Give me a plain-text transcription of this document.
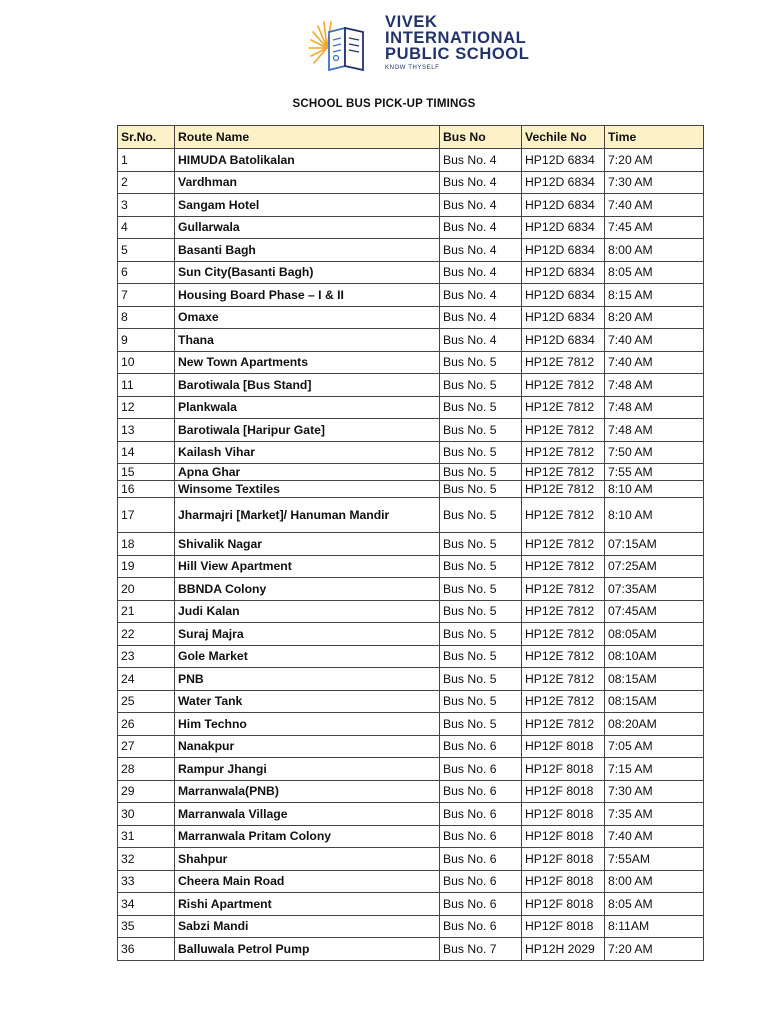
VIVEK
INTERNATIONAL
PUBLIC SCHOOL
KNOW THYSELF
SCHOOL BUS PICK-UP TIMINGS
Sr.No.	Route Name	Bus No	Vechile No	Time
1	HIMUDA Batolikalan	Bus No. 4	HP12D 6834	7:20 AM
2	Vardhman	Bus No. 4	HP12D 6834	7:30 AM
3	Sangam Hotel	Bus No. 4	HP12D 6834	7:40 AM
4	Gullarwala	Bus No. 4	HP12D 6834	7:45 AM
5	Basanti Bagh	Bus No. 4	HP12D 6834	8:00 AM
6	Sun City(Basanti Bagh)	Bus No. 4	HP12D 6834	8:05 AM
7	Housing Board Phase – I & II	Bus No. 4	HP12D 6834	8:15 AM
8	Omaxe	Bus No. 4	HP12D 6834	8:20 AM
9	Thana	Bus No. 4	HP12D 6834	7:40 AM
10	New Town Apartments	Bus No. 5	HP12E 7812	7:40 AM
11	Barotiwala [Bus Stand]	Bus No. 5	HP12E 7812	7:48 AM
12	Plankwala	Bus No. 5	HP12E 7812	7:48 AM
13	Barotiwala [Haripur Gate]	Bus No. 5	HP12E 7812	7:48 AM
14	Kailash Vihar	Bus No. 5	HP12E 7812	7:50 AM
15	Apna Ghar	Bus No. 5	HP12E 7812	7:55 AM
16	Winsome Textiles	Bus No. 5	HP12E 7812	8:10 AM
17	Jharmajri [Market]/ Hanuman Mandir	Bus No. 5	HP12E 7812	8:10 AM
18	Shivalik Nagar	Bus No. 5	HP12E 7812	07:15AM
19	Hill View Apartment	Bus No. 5	HP12E 7812	07:25AM
20	BBNDA Colony	Bus No. 5	HP12E 7812	07:35AM
21	Judi Kalan	Bus No. 5	HP12E 7812	07:45AM
22	Suraj Majra	Bus No. 5	HP12E 7812	08:05AM
23	Gole Market	Bus No. 5	HP12E 7812	08:10AM
24	PNB	Bus No. 5	HP12E 7812	08:15AM
25	Water Tank	Bus No. 5	HP12E 7812	08:15AM
26	Him Techno	Bus No. 5	HP12E 7812	08:20AM
27	Nanakpur	Bus No. 6	HP12F 8018	7:05 AM
28	Rampur Jhangi	Bus No. 6	HP12F 8018	7:15 AM
29	Marranwala(PNB)	Bus No. 6	HP12F 8018	7:30 AM
30	Marranwala Village	Bus No. 6	HP12F 8018	7:35 AM
31	Marranwala Pritam Colony	Bus No. 6	HP12F 8018	7:40 AM
32	Shahpur	Bus No. 6	HP12F 8018	7:55AM
33	Cheera Main Road	Bus No. 6	HP12F 8018	8:00 AM
34	Rishi Apartment	Bus No. 6	HP12F 8018	8:05 AM
35	Sabzi Mandi	Bus No. 6	HP12F 8018	8:11AM
36	Balluwala Petrol Pump	Bus No. 7	HP12H 2029	7:20 AM
